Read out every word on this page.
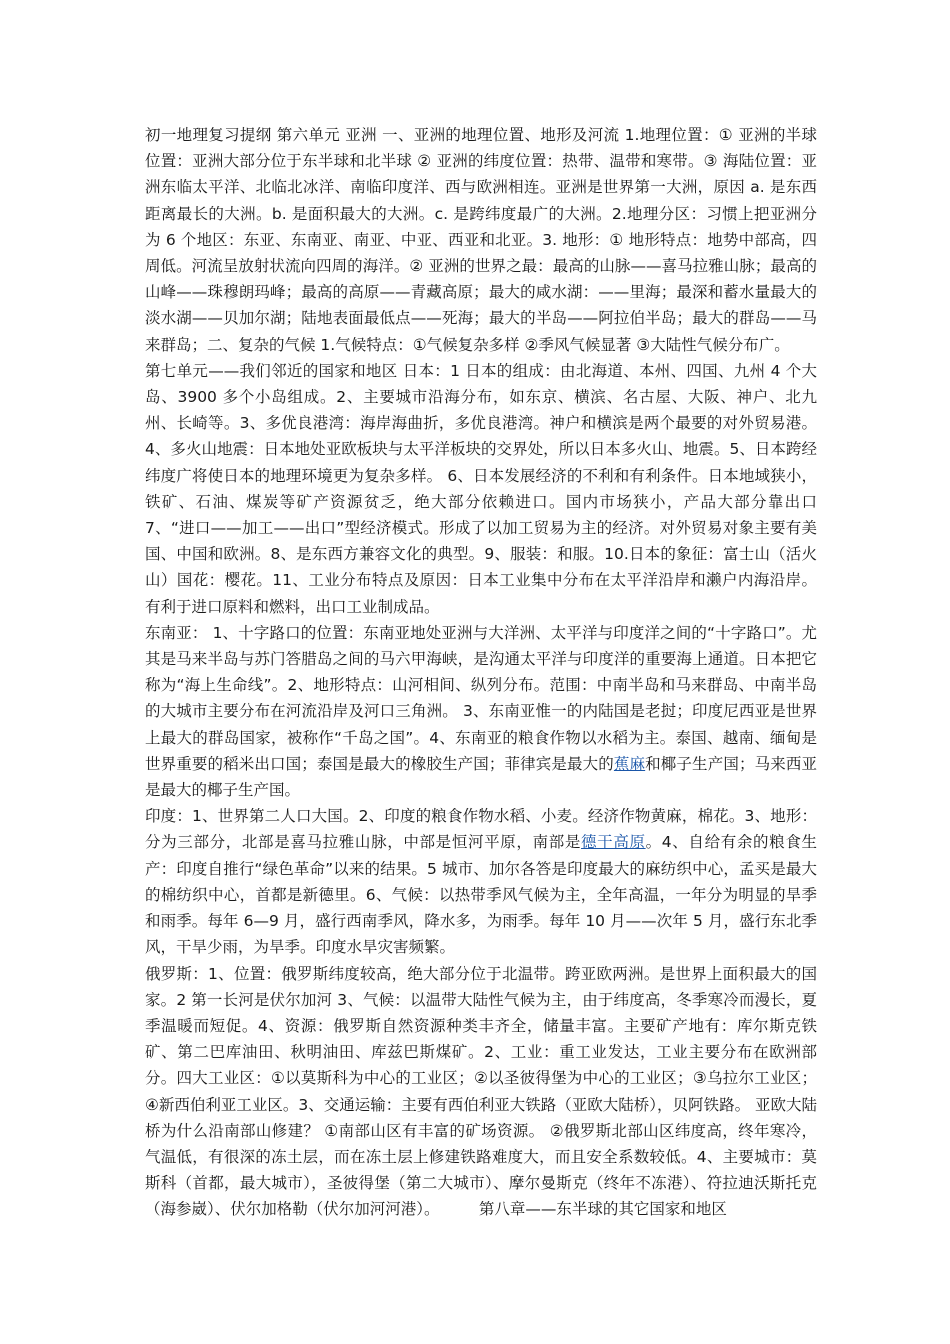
初一地理复习提纲 第六单元 亚洲 一、亚洲的地理位置、地形及河流 1.地理位置：① 亚洲的半球位置：亚洲大部分位于东半球和北半球 ② 亚洲的纬度位置：热带、温带和寒带。③ 海陆位置：亚洲东临太平洋、北临北冰洋、南临印度洋、西与欧洲相连。亚洲是世界第一大洲，原因 a. 是东西距离最长的大洲。b. 是面积最大的大洲。c. 是跨纬度最广的大洲。2.地理分区：习惯上把亚洲分为 6 个地区：东亚、东南亚、南亚、中亚、西亚和北亚。3. 地形：① 地形特点：地势中部高，四周低。河流呈放射状流向四周的海洋。② 亚洲的世界之最：最高的山脉——喜马拉雅山脉；最高的山峰——珠穆朗玛峰；最高的高原——青藏高原；最大的咸水湖：——里海；最深和蓄水量最大的淡水湖——贝加尔湖；陆地表面最低点——死海；最大的半岛——阿拉伯半岛；最大的群岛——马来群岛；二、复杂的气候 1.气候特点：①气候复杂多样 ②季风气候显著 ③大陆性气候分布广。

第七单元——我们邻近的国家和地区 日本：1 日本的组成：由北海道、本州、四国、九州 4 个大岛、3900 多个小岛组成。2、主要城市沿海分布，如东京、横滨、名古屋、大阪、神户、北九州、长崎等。3、多优良港湾：海岸海曲折，多优良港湾。神户和横滨是两个最要的对外贸易港。4、多火山地震：日本地处亚欧板块与太平洋板块的交界处，所以日本多火山、地震。5、日本跨经纬度广将使日本的地理环境更为复杂多样。 6、日本发展经济的不利和有利条件。日本地域狭小，铁矿、石油、煤炭等矿产资源贫乏，绝大部分依赖进口。国内市场狭小，产品大部分靠出口 7、“进口——加工——出口”型经济模式。形成了以加工贸易为主的经济。对外贸易对象主要有美国、中国和欧洲。8、是东西方兼容文化的典型。9、服装：和服。10.日本的象征：富士山（活火山）国花：樱花。11、工业分布特点及原因：日本工业集中分布在太平洋沿岸和濑户内海沿岸。 有利于进口原料和燃料，出口工业制成品。

东南亚： 1、十字路口的位置：东南亚地处亚洲与大洋洲、太平洋与印度洋之间的“十字路口”。尤其是马来半岛与苏门答腊岛之间的马六甲海峡，是沟通太平洋与印度洋的重要海上通道。日本把它称为“海上生命线”。2、地形特点：山河相间、纵列分布。范围：中南半岛和马来群岛、中南半岛的大城市主要分布在河流沿岸及河口三角洲。 3、东南亚惟一的内陆国是老挝；印度尼西亚是世界上最大的群岛国家，被称作“千岛之国”。4、东南亚的粮食作物以水稻为主。泰国、越南、缅甸是世界重要的稻米出口国；泰国是最大的橡胶生产国；菲律宾是最大的蕉麻和椰子生产国；马来西亚是最大的椰子生产国。

印度：1、世界第二人口大国。2、印度的粮食作物水稻、小麦。经济作物黄麻，棉花。3、地形：分为三部分，北部是喜马拉雅山脉，中部是恒河平原，南部是德干高原。4、自给有余的粮食生产：印度自推行“绿色革命”以来的结果。5 城市、加尔各答是印度最大的麻纺织中心，孟买是最大的棉纺织中心，首都是新德里。6、气候：以热带季风气候为主，全年高温，一年分为明显的旱季和雨季。每年 6—9 月，盛行西南季风，降水多，为雨季。每年 10 月——次年 5 月，盛行东北季风，干旱少雨，为旱季。印度水旱灾害频繁。

俄罗斯：1、位置：俄罗斯纬度较高，绝大部分位于北温带。跨亚欧两洲。是世界上面积最大的国家。2 第一长河是伏尔加河 3、气候：以温带大陆性气候为主，由于纬度高，冬季寒冷而漫长，夏季温暖而短促。4、资源：俄罗斯自然资源种类丰齐全，储量丰富。主要矿产地有：库尔斯克铁矿、第二巴库油田、秋明油田、库兹巴斯煤矿。2、工业：重工业发达，工业主要分布在欧洲部分。四大工业区：①以莫斯科为中心的工业区；②以圣彼得堡为中心的工业区；③乌拉尔工业区；④新西伯利亚工业区。3、交通运输：主要有西伯利亚大铁路（亚欧大陆桥），贝阿铁路。 亚欧大陆桥为什么沿南部山修建？ ①南部山区有丰富的矿场资源。 ②俄罗斯北部山区纬度高，终年寒冷，气温低，有很深的冻土层，而在冻土层上修建铁路难度大，而且安全系数较低。4、主要城市：莫斯科（首都，最大城市），圣彼得堡（第二大城市）、摩尔曼斯克（终年不冻港）、符拉迪沃斯托克（海参崴）、伏尔加格勒（伏尔加河河港）。        第八章——东半球的其它国家和地区
